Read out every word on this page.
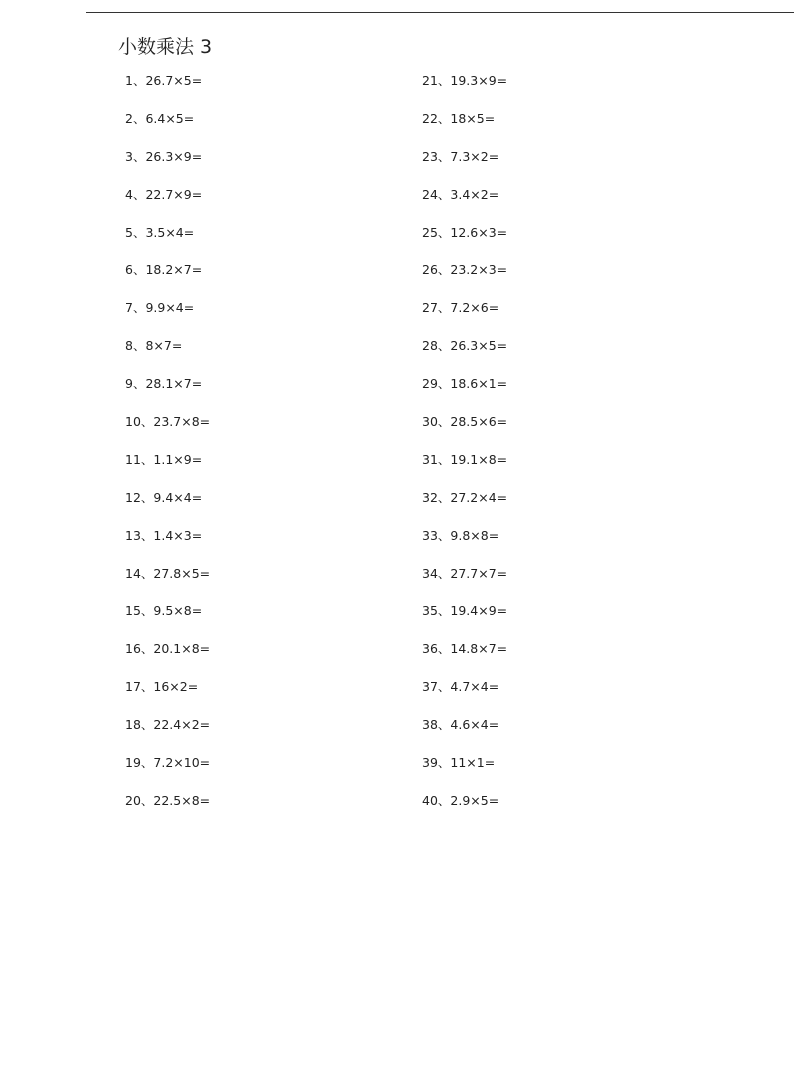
小数乘法 3
1、26.7×5=
2、6.4×5=
3、26.3×9=
4、22.7×9=
5、3.5×4=
6、18.2×7=
7、9.9×4=
8、8×7=
9、28.1×7=
10、23.7×8=
11、1.1×9=
12、9.4×4=
13、1.4×3=
14、27.8×5=
15、9.5×8=
16、20.1×8=
17、16×2=
18、22.4×2=
19、7.2×10=
20、22.5×8=
21、19.3×9=
22、18×5=
23、7.3×2=
24、3.4×2=
25、12.6×3=
26、23.2×3=
27、7.2×6=
28、26.3×5=
29、18.6×1=
30、28.5×6=
31、19.1×8=
32、27.2×4=
33、9.8×8=
34、27.7×7=
35、19.4×9=
36、14.8×7=
37、4.7×4=
38、4.6×4=
39、11×1=
40、2.9×5=
